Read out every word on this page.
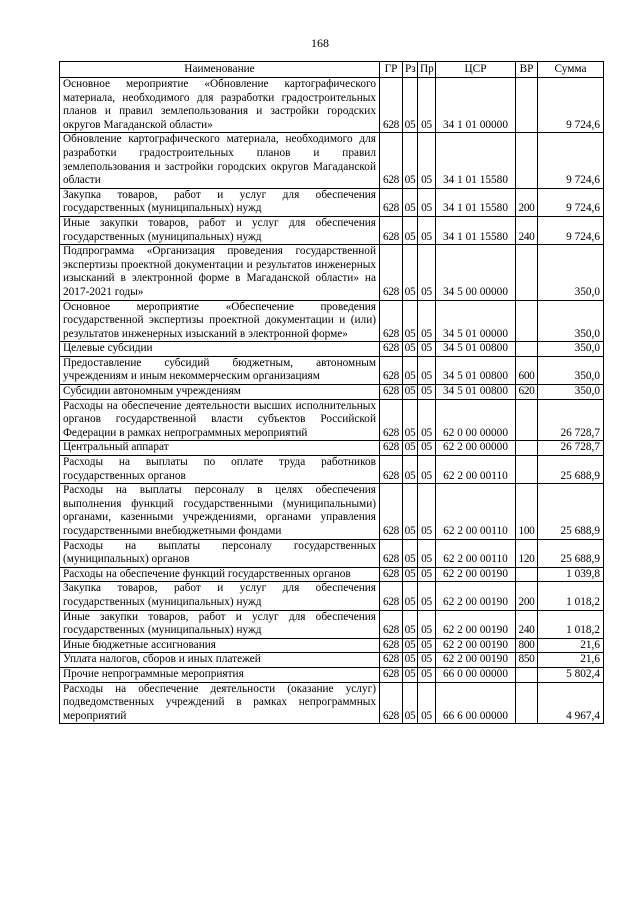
168
Наименование	ГР	Рз	Пр	ЦСР	ВР	Сумма
Основное мероприятие «Обновление картографического материала, необходимого для разработки градостроительных планов и правил землепользования и застройки городских округов Магаданской области»	628	05	05	34 1 01 00000		9 724,6
Обновление картографического материала, необходимого для разработки градостроительных планов и правил землепользования и застройки городских округов Магаданской области	628	05	05	34 1 01 15580		9 724,6
Закупка товаров, работ и услуг для обеспечения государственных (муниципальных) нужд	628	05	05	34 1 01 15580	200	9 724,6
Иные закупки товаров, работ и услуг для обеспечения государственных (муниципальных) нужд	628	05	05	34 1 01 15580	240	9 724,6
Подпрограмма «Организация проведения государственной экспертизы проектной документации и результатов инженерных изысканий в электронной форме в Магаданской области» на 2017-2021 годы»	628	05	05	34 5 00 00000		350,0
Основное мероприятие «Обеспечение проведения государственной экспертизы проектной документации и (или) результатов инженерных изысканий в электронной форме»	628	05	05	34 5 01 00000		350,0
Целевые субсидии	628	05	05	34 5 01 00800		350,0
Предоставление субсидий бюджетным, автономным учреждениям и иным некоммерческим организациям	628	05	05	34 5 01 00800	600	350,0
Субсидии автономным учреждениям	628	05	05	34 5 01 00800	620	350,0
Расходы на обеспечение деятельности высших исполнительных органов государственной власти субъектов Российской Федерации в рамках непрограммных мероприятий	628	05	05	62 0 00 00000		26 728,7
Центральный аппарат	628	05	05	62 2 00 00000		26 728,7
Расходы на выплаты по оплате труда работников государственных органов	628	05	05	62 2 00 00110		25 688,9
Расходы на выплаты персоналу в целях обеспечения выполнения функций государственными (муниципальными) органами, казенными учреждениями, органами управления государственными внебюджетными фондами	628	05	05	62 2 00 00110	100	25 688,9
Расходы на выплаты персоналу государственных (муниципальных) органов	628	05	05	62 2 00 00110	120	25 688,9
Расходы на обеспечение функций государственных органов	628	05	05	62 2 00 00190		1 039,8
Закупка товаров, работ и услуг для обеспечения государственных (муниципальных) нужд	628	05	05	62 2 00 00190	200	1 018,2
Иные закупки товаров, работ и услуг для обеспечения государственных (муниципальных) нужд	628	05	05	62 2 00 00190	240	1 018,2
Иные бюджетные ассигнования	628	05	05	62 2 00 00190	800	21,6
Уплата налогов, сборов и иных платежей	628	05	05	62 2 00 00190	850	21,6
Прочие непрограммные мероприятия	628	05	05	66 0 00 00000		5 802,4
Расходы на обеспечение деятельности (оказание услуг) подведомственных учреждений в рамках непрограммных мероприятий	628	05	05	66 6 00 00000		4 967,4
